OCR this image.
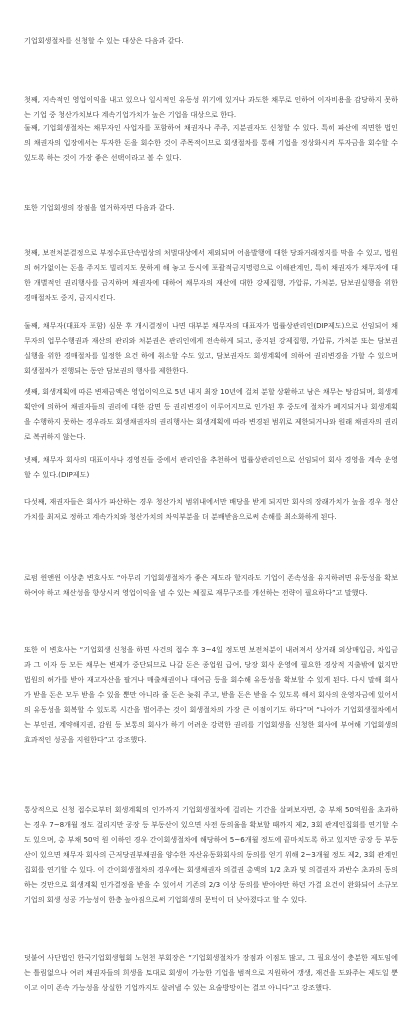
기업회생절차를 신청할 수 있는 대상은 다음과 같다.

첫째, 지속적인 영업이익을 내고 있으나 일시적인 유동성 위기에 있거나 과도한 채무로 인하여 이자비용을 감당하지 못하는 기업 중 청산가치보다 계속기업가치가 높은 기업을 대상으로 한다.

둘째, 기업회생절차는 채무자인 사업자를 포함하여 채권자나 주주, 지분권자도 신청할 수 있다. 특히 파산에 직면한 법인의 채권자의 입장에서는 투자한 돈을 회수한 것이 주목적이므로 회생절차를 통해 기업을 정상화시켜 투자금을 회수할 수 있도록 하는 것이 가장 좋은 선택이라고 볼 수 있다.

또한 기업회생의 장점을 열거하자면 다음과 같다.

첫째, 보전처분결정으로 부정수표단속법상의 처벌대상에서 제외되며 어음발행에 대한 당좌거래정지를 막을 수 있고, 법원의 허가없이는 돈을 주지도 빌리지도 못하게 해 놓고 등시에 포괄적금지명령으로 이해관계인, 특히 채권자가 채무자에 대한 개별적인 권리행사를 금지하며 채권자에 대하여 채무자의 재산에 대한 강제집행, 가압류, 가처분, 담보권실행을 위한 경매절차도 중지, 금지시킨다.

둘째, 채무자(대표자 포함) 심문 후 개시결정이 나면 대부분 채무자의 대표자가 법률상관리인(DIP제도)으로 선임되어 채무자의 업무수행권과 재산의 관리와 처분권은 관리인에게 전속하게 되고, 종지된 강제집행, 가압류, 가처분 또는 담보권 실행을 위한 경매절차를 일정한 요건 하에 취소할 수도 있고, 담보권자도 회생계획에 의하여 권리변경을 가할 수 있으며 회생절차가 진행되는 동안 담보권의 행사를 제한한다.

셋째, 회생계획에 따른 변제금액은 영업이익으로 5년 내지 최장 10년에 걸쳐 분할 상환하고 남은 채무는 탕감되며, 회생계획안에 의하여 채권자들의 권리에 대한 감면 등 권리변경이 이루어지므로 인가된 후 중도에 절차가 폐지되거나 회생계획을 수행하지 못하는 경우라도 회생채권자의 권리행사는 회생계획에 따라 변경된 범위로 제한되거나와 원래 채권자의 권리로 복귀하지 않는다.

넷째, 채무자 회사의 대표이사나 경영진들 중에서 관리인을 추천하여 법률상관리인으로 선임되어 회사 경영을 계속 운영할 수 있다.(DIP제도)

다섯째, 재권자들은 회사가 파산하는 경우 청산가치 범위내에서만 배당을 받게 되지만 회사의 장래가치가 높을 경우 청산가치를 최저로 정하고 계속가치와 청산가치의 차익부분을 더 분배받음으로써 손해를 최소화하게 된다.

로펌 윈앤윈 이상춘 변호사도 “아무리 기업회생절차가 좋은 제도라 할지라도 기업이 존속성을 유지하려면 유동성을 확보하여야 하고 채산성을 향상시켜 영업이익을 낼 수 있는 체질로 재무구조를 개선하는 전략이 필요하다”고 말했다.

또한 이 변호사는 “기업회생 신청을 하면 사건의 접수 후 3~4일 정도면 보전처분이 내려져서 상거래 외상매입금, 차입금과 그 이자 등 모든 채무는 변제가 중단되므로 나갈 돈은 종업원 급여, 당장 회사 운영에 필요한 경상적 지출밖에 없지만 법원의 허가를 받아 재고자산을 팔거나 매출채권이나 대여금 등을 회수해 유동성을 확보할 수 있게 된다. 다시 말해 회사가 받을 돈은 모두 받을 수 있을 뿐만 아니라 줄 돈은 늦춰 주고, 받을 돈은 받을 수 있도록 해서 회사의 운영자금에 있어서의 유동성을 회복할 수 있도록 시간을 벌어주는 것이 회생절차의 가장 큰 이점이기도 하다”며 “나아가 기업회생절차에서는 부인권, 계약해지권, 감원 등 보통의 회사가 하기 어려운 강력한 권리를 기업회생을 신청한 회사에 부여해 기업회생의 효과적인 성공을 지원한다”고 강조했다.

통상적으로 신청 접수로부터 회생계획의 인가까지 기업회생절차에 걸리는 기간을 살펴보자면, 총 부채 50억원을 초과하는 경우 7~8개월 정도 걸리지만 공장 등 부동산이 있으면 사전 동의율을 확보할 때까지 제2, 3회 관계인집회를 연기할 수도 있으며, 총 부채 50억 원 이하인 경우 간이회생절차에 해당하여 5~6개월 정도에 끝마치도록 하고 있지만 공장 등 부동산이 있으면 채무자 회사의 근저당권부채권을 양수한 자산유동화회사의 동의를 얻기 위해 2~3개월 정도 제2, 3회 관계인집회를 연기할 수 있다. 이 간이회생절차의 경우에는 회생채권자 의결권 총액의 1/2 초과 및 의결권자 과반수 초과의 동의하는 것만으로 회생계획 인가결정을 받을 수 있어서 기존의 2/3 이상 동의를 받아야만 하던 가결 요건이 완화되어 소규모 기업의 회생 성공 가능성이 한층 높아짐으로써 기업회생의 문턱이 더 낮아졌다고 할 수 있다.

덧붙여 사단법인 한국기업회생협회 노현천 부회장은 “기업회생절차가 장점과 이점도 많고, 그 필요성이 충분한 제도임에는 틀림없으나 여러 채권자들의 희생을 토대로 회생이 가능한 기업을 범적으로 지원하여 갱생, 재건을 도와주는 제도일 뿐이고 이미 존속 가능성을 상실한 기업까지도 살려낼 수 있는 요술방망이는 결코 아니다”고 강조했다.
